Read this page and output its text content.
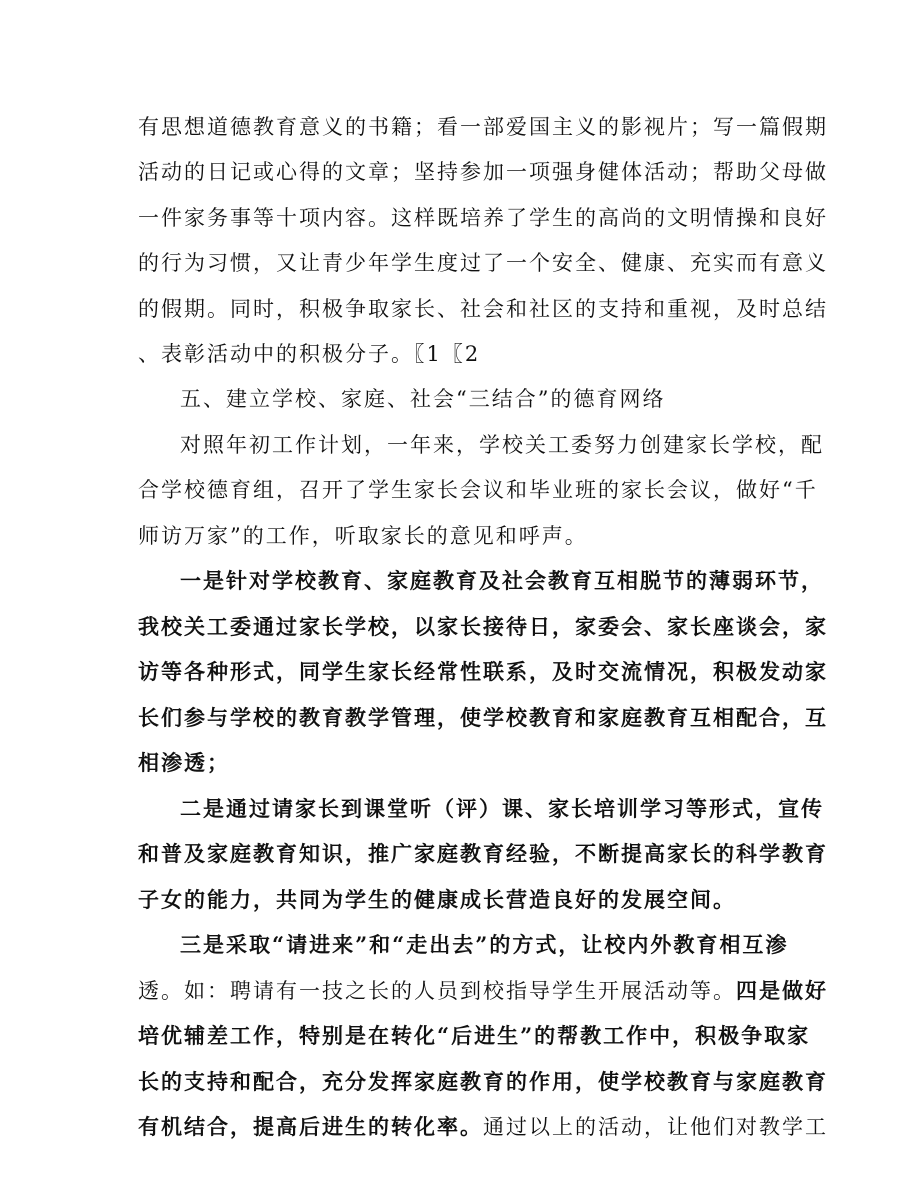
有思想道德教育意义的书籍；看一部爱国主义的影视片；写一篇假期
活动的日记或心得的文章；坚持参加一项强身健体活动；帮助父母做
一件家务事等十项内容。这样既培养了学生的高尚的文明情操和良好
的行为习惯，又让青少年学生度过了一个安全、健康、充实而有意义
的假期。同时，积极争取家长、社会和社区的支持和重视，及时总结
、表彰活动中的积极分子。〖1〖2
五、建立学校、家庭、社会“三结合”的德育网络
对照年初工作计划，一年来，学校关工委努力创建家长学校，配
合学校德育组，召开了学生家长会议和毕业班的家长会议，做好“千
师访万家”的工作，听取家长的意见和呼声。
一是针对学校教育、家庭教育及社会教育互相脱节的薄弱环节，
我校关工委通过家长学校，以家长接待日，家委会、家长座谈会，家
访等各种形式，同学生家长经常性联系，及时交流情况，积极发动家
长们参与学校的教育教学管理，使学校教育和家庭教育互相配合，互
相渗透；
二是通过请家长到课堂听（评）课、家长培训学习等形式，宣传
和普及家庭教育知识，推广家庭教育经验，不断提高家长的科学教育
子女的能力，共同为学生的健康成长营造良好的发展空间。
三是采取“请进来”和“走出去”的方式，让校内外教育相互渗
透。如：聘请有一技之长的人员到校指导学生开展活动等。四是做好
培优辅差工作，特别是在转化“后进生”的帮教工作中，积极争取家
长的支持和配合，充分发挥家庭教育的作用，使学校教育与家庭教育
有机结合，提高后进生的转化率。通过以上的活动，让他们对教学工
